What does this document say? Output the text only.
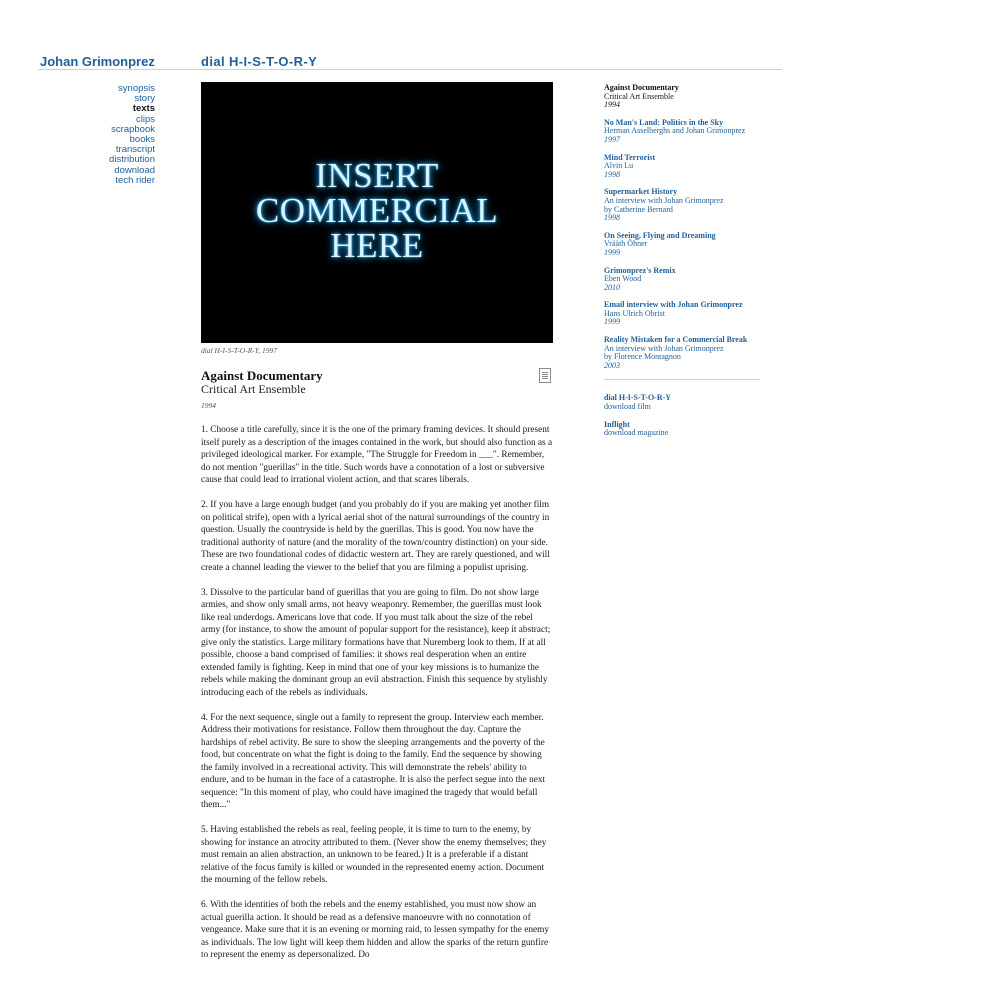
Johan Grimonprez	dial H-I-S-T-O-R-Y
synopsis
story
texts
clips
scrapbook
books
transcript
distribution
download
tech rider	INSERT
COMMERCIAL
HERE
dial H-I-S-T-O-R-Y, 1997
Against Documentary
Critical Art Ensemble
1994

1. Choose a title carefully, since it is the one of the primary framing devices. It should present itself purely as a description of the images contained in the work, but should also function as a privileged ideological marker. For example, "The Struggle for Freedom in ___". Remember, do not mention "guerillas" in the title. Such words have a connotation of a lost or subversive cause that could lead to irrational violent action, and that scares liberals.

2. If you have a large enough budget (and you probably do if you are making yet another film on political strife), open with a lyrical aerial shot of the natural surroundings of the country in question. Usually the countryside is held by the guerillas. This is good. You now have the traditional authority of nature (and the morality of the town/country distinction) on your side. These are two foundational codes of didactic western art. They are rarely questioned, and will create a channel leading the viewer to the belief that you are filming a populist uprising.

3. Dissolve to the particular band of guerillas that you are going to film. Do not show large armies, and show only small arms, not heavy weaponry. Remember, the guerillas must look like real underdogs. Americans love that code. If you must talk about the size of the rebel army (for instance, to show the amount of popular support for the resistance), keep it abstract; give only the statistics. Large military formations have that Nuremberg look to them. If at all possible, choose a band comprised of families: it shows real desperation when an entire extended family is fighting. Keep in mind that one of your key missions is to humanize the rebels while making the dominant group an evil abstraction. Finish this sequence by stylishly introducing each of the rebels as individuals.

4. For the next sequence, single out a family to represent the group. Interview each member. Address their motivations for resistance. Follow them throughout the day. Capture the hardships of rebel activity. Be sure to show the sleeping arrangements and the poverty of the food, but concentrate on what the fight is doing to the family. End the sequence by showing the family involved in a recreational activity. This will demonstrate the rebels' ability to endure, and to be human in the face of a catastrophe. It is also the perfect segue into the next sequence: "In this moment of play, who could have imagined the tragedy that would befall them..."

5. Having established the rebels as real, feeling people, it is time to turn to the enemy, by showing for instance an atrocity attributed to them. (Never show the enemy themselves; they must remain an alien abstraction, an unknown to be feared.) It is a preferable if a distant relative of the focus family is killed or wounded in the represented enemy action. Document the mourning of the fellow rebels.

6. With the identities of both the rebels and the enemy established, you must now show an actual guerilla action. It should be read as a defensive manoeuvre with no connotation of vengeance. Make sure that it is an evening or morning raid, to lessen sympathy for the enemy as individuals. The low light will keep them hidden and allow the sparks of the return gunfire to represent the enemy as depersonalized. Do

Against Documentary
Critical Art Ensemble
1994
No Man's Land: Politics in the Sky
Herman Asselberghs and Johan Grimonprez
1997
Mind Terrorist
Alvin Lu
1998
Supermarket History
An interview with Johan Grimonprez
by Catherine Bernard
1998
On Seeing, Flying and Dreaming
Vrääth Öhner
1999
Grimonprez's Remix
Eben Wood
2010
Email interview with Johan Grimonprez
Hans Ulrich Obrist
1999
Reality Mistaken for a Commercial Break
An interview with Johan Grimonprez
by Florence Montagnon
2003
dial H-I-S-T-O-R-Y
download film
Inflight
download magazine
